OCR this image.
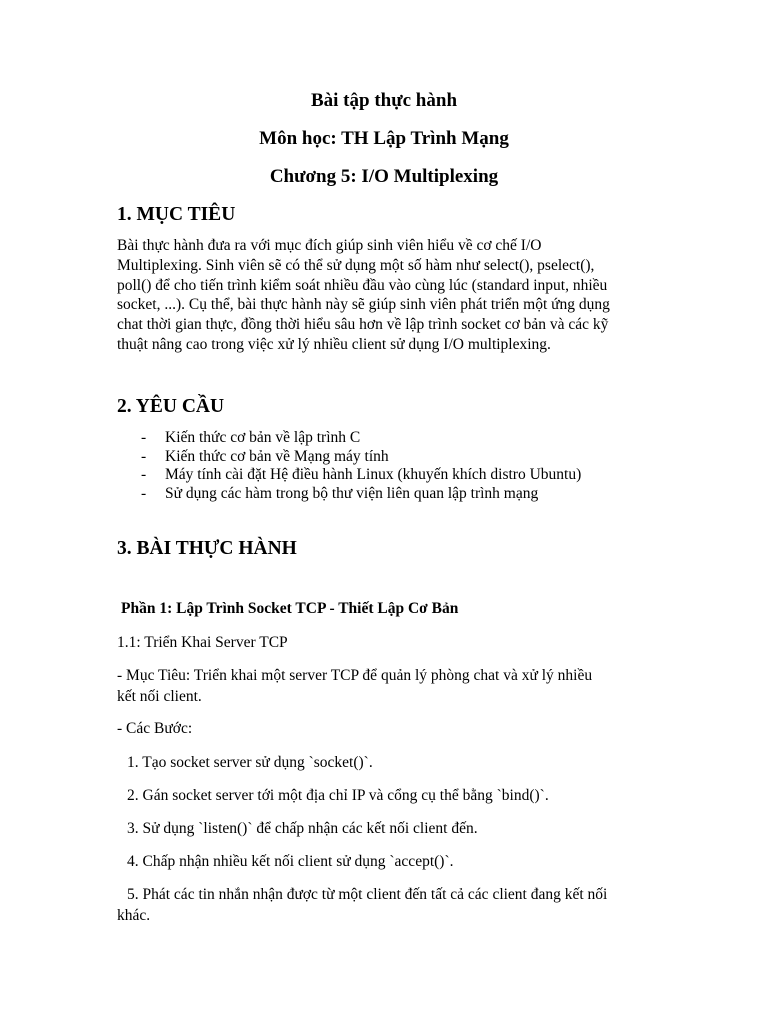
Bài tập thực hành
Môn học: TH Lập Trình Mạng
Chương 5: I/O Multiplexing
1. MỤC TIÊU

Bài thực hành đưa ra với mục đích giúp sinh viên hiểu về cơ chế I/O
Multiplexing. Sinh viên sẽ có thể sử dụng một số hàm như select(), pselect(),
poll() để cho tiến trình kiểm soát nhiều đầu vào cùng lúc (standard input, nhiều
socket, ...). Cụ thể, bài thực hành này sẽ giúp sinh viên phát triển một ứng dụng
chat thời gian thực, đồng thời hiểu sâu hơn về lập trình socket cơ bản và các kỹ
thuật nâng cao trong việc xử lý nhiều client sử dụng I/O multiplexing.

2. YÊU CẦU
- Kiến thức cơ bản về lập trình C
- Kiến thức cơ bản về Mạng máy tính
- Máy tính cài đặt Hệ điều hành Linux (khuyến khích distro Ubuntu)
- Sử dụng các hàm trong bộ thư viện liên quan lập trình mạng
3. BÀI THỰC HÀNH
Phần 1: Lập Trình Socket TCP - Thiết Lập Cơ Bản

1.1: Triển Khai Server TCP

- Mục Tiêu: Triển khai một server TCP để quản lý phòng chat và xử lý nhiều
kết nối client.

- Các Bước:

1. Tạo socket server sử dụng `socket()`.

2. Gán socket server tới một địa chỉ IP và cổng cụ thể bằng `bind()`.

3. Sử dụng `listen()` để chấp nhận các kết nối client đến.

4. Chấp nhận nhiều kết nối client sử dụng `accept()`.

5. Phát các tin nhắn nhận được từ một client đến tất cả các client đang kết nối
khác.
